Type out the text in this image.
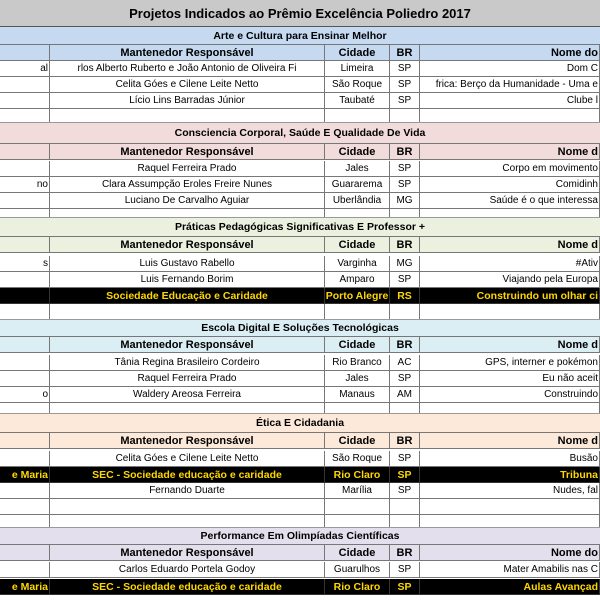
Projetos Indicados ao Prêmio Excelência Poliedro 2017
Arte e Cultura para Ensinar Melhor
Mantenedor Responsável	Cidade	BR	Nome do
al	rlos Alberto Ruberto e João Antonio de Oliveira Fi	Limeira	SP	Dom C
Celita Góes e Cilene Leite Netto	São Roque	SP	frica: Berço da Humanidade - Uma e
Lício Lins Barradas Júnior	Taubaté	SP	Clube l
Consciencia Corporal, Saúde E Qualidade De Vida
Mantenedor Responsável	Cidade	BR	Nome d
Raquel Ferreira Prado	Jales	SP	Corpo em movimento
no	Clara Assumpção Eroles Freire Nunes	Guararema	SP	Comidinh
Luciano De Carvalho Aguiar	Uberlândia	MG	Saúde é o que interessa
Práticas Pedagógicas Significativas E Professor +
Mantenedor Responsável	Cidade	BR	Nome d
s	Luis Gustavo Rabello	Varginha	MG	#Ativ
Luis Fernando Borim	Amparo	SP	Viajando pela Europa
Sociedade Educação e Caridade	Porto Alegre RS	Construindo um olhar ci
Escola Digital E Soluções Tecnológicas
Mantenedor Responsável	Cidade	BR	Nome d
Tânia Regina Brasileiro Cordeiro	Rio Branco	AC	GPS, interner e pokémon
Raquel Ferreira Prado	Jales	SP	Eu não aceit
o	Waldery Areosa Ferreira	Manaus	AM	Construindo
Ética E Cidadania
Mantenedor Responsável	Cidade	BR	Nome d
Celita Góes e Cilene Leite Netto	São Roque	SP	Busão
e Maria	SEC - Sociedade educação e caridade	Rio Claro	SP	Tribuna
Fernando Duarte	Marília	SP	Nudes, fal
Performance Em Olimpíadas Científicas
Mantenedor Responsável	Cidade	BR	Nome do
Carlos Eduardo Portela Godoy	Guarulhos	SP	Mater Amabilis nas C
e Maria	SEC - Sociedade educação e caridade	Rio Claro	SP	Aulas Avançad
